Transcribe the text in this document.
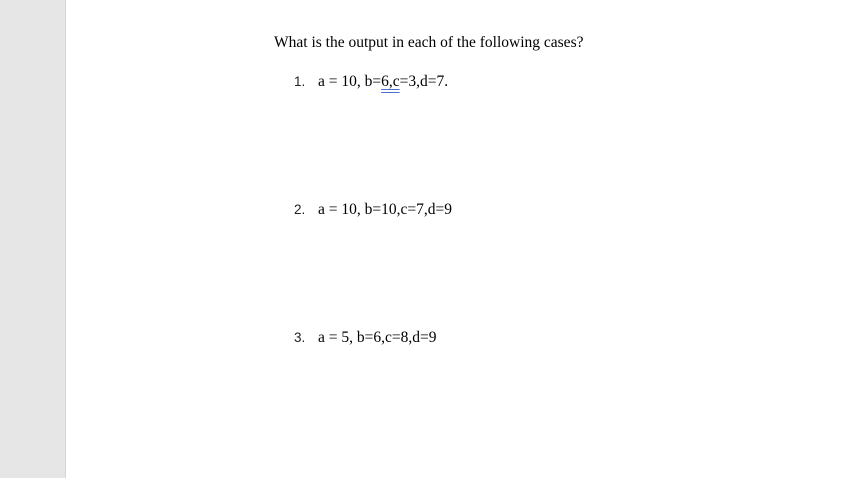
What is the output in each of the following cases?
1. a = 10, b=6,c=3,d=7.
2. a = 10, b=10,c=7,d=9
3. a = 5, b=6,c=8,d=9
